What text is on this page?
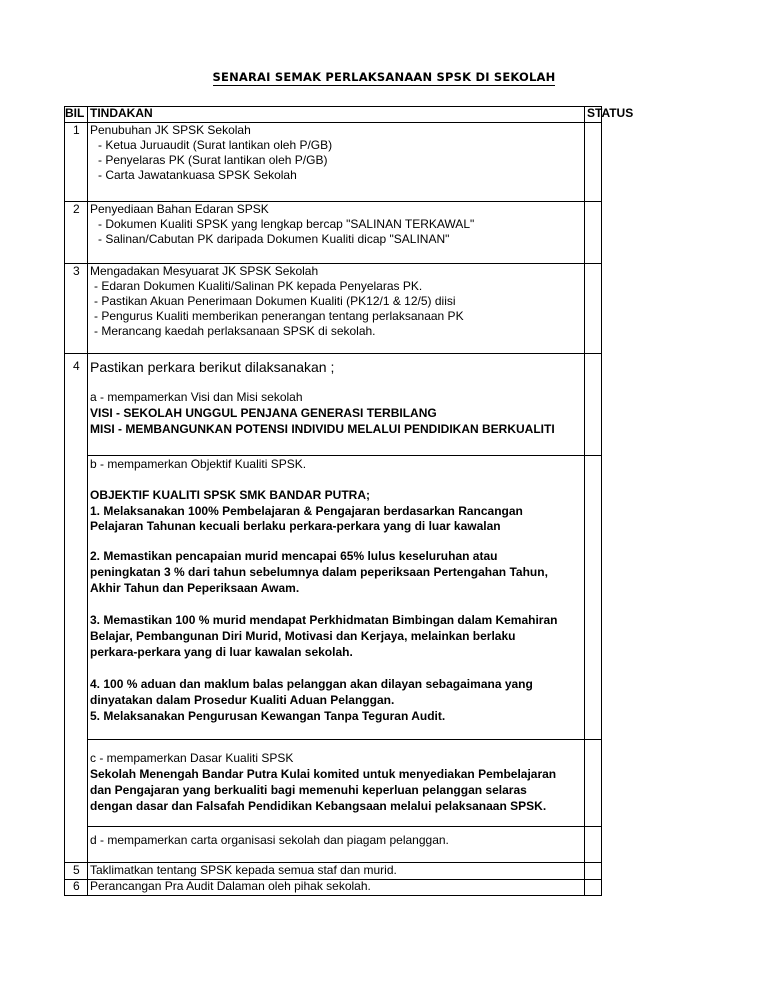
SENARAI SEMAK PERLAKSANAAN SPSK DI SEKOLAH
BIL TINDAKAN	STATUS
1 Penubuhan JK SPSK Sekolah
- Ketua Juruaudit (Surat lantikan oleh P/GB)
- Penyelaras PK (Surat lantikan oleh P/GB)
- Carta Jawatankuasa SPSK Sekolah
2 Penyediaan Bahan Edaran SPSK
- Dokumen Kualiti SPSK yang lengkap bercap "SALINAN TERKAWAL"
- Salinan/Cabutan PK daripada Dokumen Kualiti dicap "SALINAN"
3 Mengadakan Mesyuarat JK SPSK Sekolah
- Edaran Dokumen Kualiti/Salinan PK kepada Penyelaras PK.
- Pastikan Akuan Penerimaan Dokumen Kualiti (PK12/1 & 12/5) diisi
- Pengurus Kualiti memberikan penerangan tentang perlaksanaan PK
- Merancang kaedah perlaksanaan SPSK di sekolah.
4 Pastikan perkara berikut dilaksanakan ;
a - mempamerkan Visi dan Misi sekolah
VISI - SEKOLAH UNGGUL PENJANA GENERASI TERBILANG
MISI - MEMBANGUNKAN POTENSI INDIVIDU MELALUI PENDIDIKAN BERKUALITI
b - mempamerkan Objektif Kualiti SPSK.
OBJEKTIF KUALITI SPSK SMK BANDAR PUTRA;
1. Melaksanakan 100% Pembelajaran & Pengajaran berdasarkan Rancangan
Pelajaran Tahunan kecuali berlaku perkara-perkara yang di luar kawalan
2. Memastikan pencapaian murid mencapai 65% lulus keseluruhan atau
peningkatan 3 % dari tahun sebelumnya dalam peperiksaan Pertengahan Tahun,
Akhir Tahun dan Peperiksaan Awam.
3. Memastikan 100 % murid mendapat Perkhidmatan Bimbingan dalam Kemahiran
Belajar, Pembangunan Diri Murid, Motivasi dan Kerjaya, melainkan berlaku
perkara-perkara yang di luar kawalan sekolah.
4. 100 % aduan dan maklum balas pelanggan akan dilayan sebagaimana yang
dinyatakan dalam Prosedur Kualiti Aduan Pelanggan.
5. Melaksanakan Pengurusan Kewangan Tanpa Teguran Audit.
c - mempamerkan Dasar Kualiti SPSK
Sekolah Menengah Bandar Putra Kulai komited untuk menyediakan Pembelajaran
dan Pengajaran yang berkualiti bagi memenuhi keperluan pelanggan selaras
dengan dasar dan Falsafah Pendidikan Kebangsaan melalui pelaksanaan SPSK.
d - mempamerkan carta organisasi sekolah dan piagam pelanggan.
5 Taklimatkan tentang SPSK kepada semua staf dan murid.
6 Perancangan Pra Audit Dalaman oleh pihak sekolah.
